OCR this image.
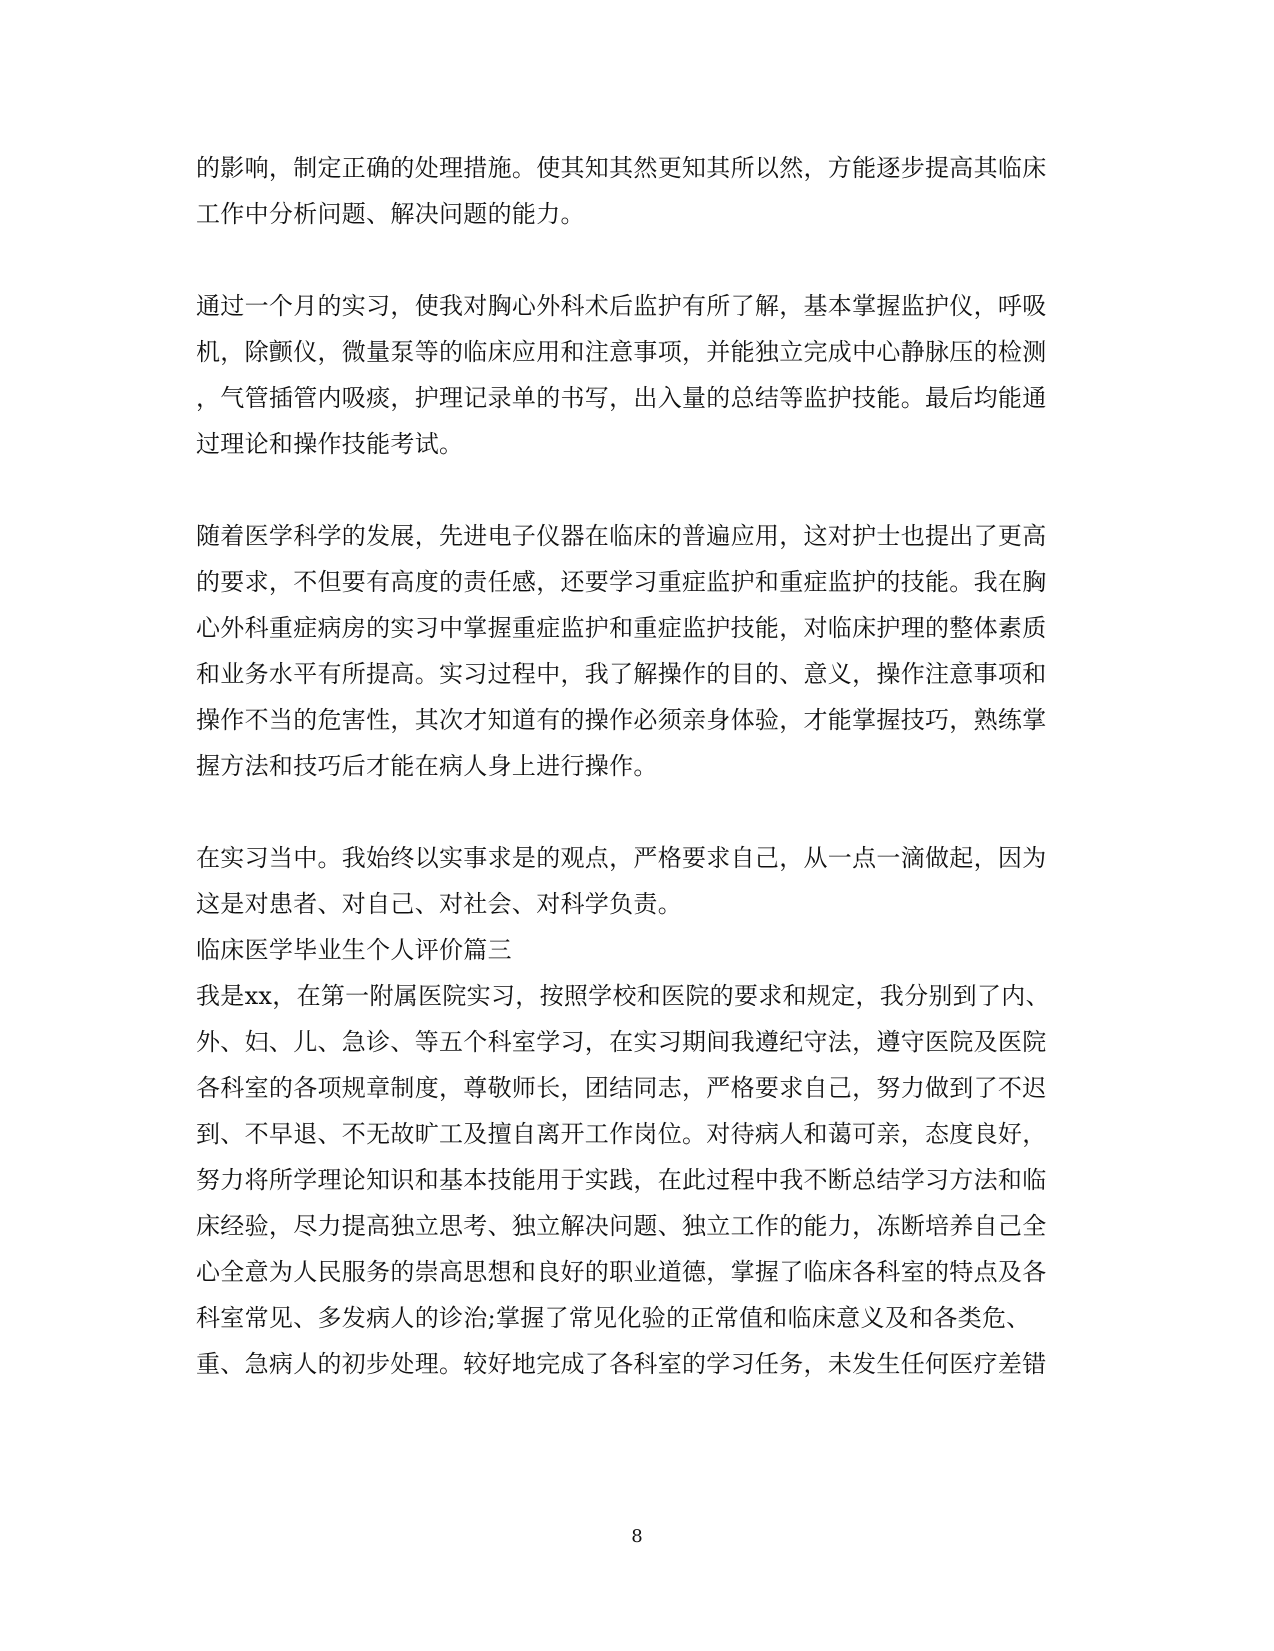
的影响，制定正确的处理措施。使其知其然更知其所以然，方能逐步提高其临床
工作中分析问题、解决问题的能力。
通过一个月的实习，使我对胸心外科术后监护有所了解，基本掌握监护仪，呼吸
机，除颤仪，微量泵等的临床应用和注意事项，并能独立完成中心静脉压的检测
，气管插管内吸痰，护理记录单的书写，出入量的总结等监护技能。最后均能通
过理论和操作技能考试。
随着医学科学的发展，先进电子仪器在临床的普遍应用，这对护士也提出了更高
的要求，不但要有高度的责任感，还要学习重症监护和重症监护的技能。我在胸
心外科重症病房的实习中掌握重症监护和重症监护技能，对临床护理的整体素质
和业务水平有所提高。实习过程中，我了解操作的目的、意义，操作注意事项和
操作不当的危害性，其次才知道有的操作必须亲身体验，才能掌握技巧，熟练掌
握方法和技巧后才能在病人身上进行操作。
在实习当中。我始终以实事求是的观点，严格要求自己，从一点一滴做起，因为
这是对患者、对自己、对社会、对科学负责。
临床医学毕业生个人评价篇三
我是xx，在第一附属医院实习，按照学校和医院的要求和规定，我分别到了内、
外、妇、儿、急诊、等五个科室学习，在实习期间我遵纪守法，遵守医院及医院
各科室的各项规章制度，尊敬师长，团结同志，严格要求自己，努力做到了不迟
到、不早退、不无故旷工及擅自离开工作岗位。对待病人和蔼可亲，态度良好，
努力将所学理论知识和基本技能用于实践，在此过程中我不断总结学习方法和临
床经验，尽力提高独立思考、独立解决问题、独立工作的能力，冻断培养自己全
心全意为人民服务的崇高思想和良好的职业道德，掌握了临床各科室的特点及各
科室常见、多发病人的诊治;掌握了常见化验的正常值和临床意义及和各类危、
重、急病人的初步处理。较好地完成了各科室的学习任务，未发生任何医疗差错
8
